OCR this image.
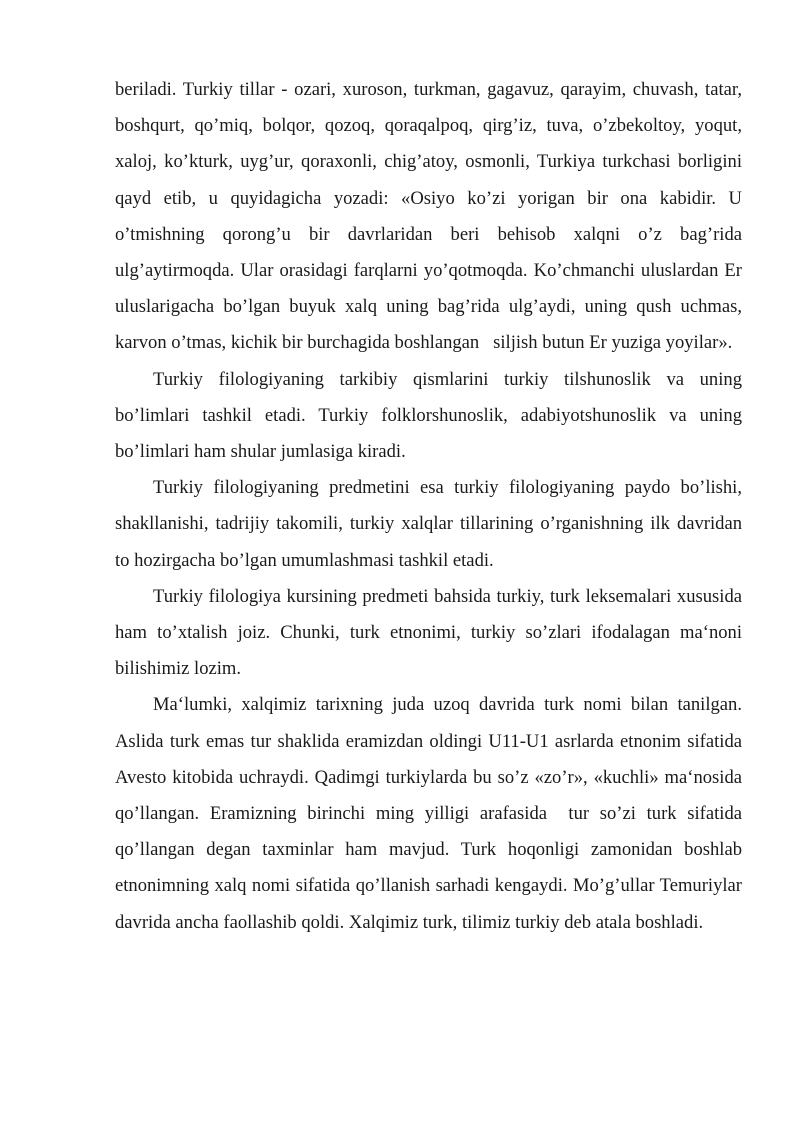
beriladi. Turkiy tillar - ozari, xuroson, turkman, gagavuz, qarayim, chuvash, tatar, boshqurt, qo’miq, bolqor, qozoq, qoraqalpoq, qirg’iz, tuva, o’zbekoltoy, yoqut, xaloj, ko’kturk, uyg’ur, qoraxonli, chig’atoy, osmonli, Turkiya turkchasi borligini qayd etib, u quyidagicha yozadi: «Osiyo ko’zi yorigan bir ona kabidir. U o’tmishning qorong’u bir davrlaridan beri behisob xalqni o’z bag’rida ulg’aytirmoqda. Ular orasidagi farqlarni yo’qotmoqda. Ko’chmanchi uluslardan Er uluslarigacha bo’lgan buyuk xalq uning bag’rida ulg’aydi, uning qush uchmas, karvon o’tmas, kichik bir burchagida boshlangan   siljish butun Er yuziga yoyilar».

Turkiy filologiyaning tarkibiy qismlarini turkiy tilshunoslik va uning bo’limlari tashkil etadi. Turkiy folklorshunoslik, adabiyotshunoslik va uning bo’limlari ham shular jumlasiga kiradi.

Turkiy filologiyaning predmetini esa turkiy filologiyaning paydo bo’lishi, shakllanishi, tadrijiy takomili, turkiy xalqlar tillarining o’rganishning ilk davridan to hozirgacha bo’lgan umumlashmasi tashkil etadi.

Turkiy filologiya kursining predmeti bahsida turkiy, turk leksemalari xususida ham to’xtalish joiz. Chunki, turk etnonimi, turkiy so’zlari ifodalagan ma‘noni bilishimiz lozim.

Ma‘lumki, xalqimiz tarixning juda uzoq davrida turk nomi bilan tanilgan. Aslida turk emas tur shaklida eramizdan oldingi U11-U1 asrlarda etnonim sifatida Avesto kitobida uchraydi. Qadimgi turkiylarda bu so’z «zo’r», «kuchli» ma‘nosida qo’llangan. Eramizning birinchi ming yilligi arafasida  tur so’zi turk sifatida qo’llangan degan taxminlar ham mavjud. Turk hoqonligi zamonidan boshlab etnonimning xalq nomi sifatida qo’llanish sarhadi kengaydi. Mo’g’ullar Temuriylar davrida ancha faollashib qoldi. Xalqimiz turk, tilimiz turkiy deb atala boshladi.
